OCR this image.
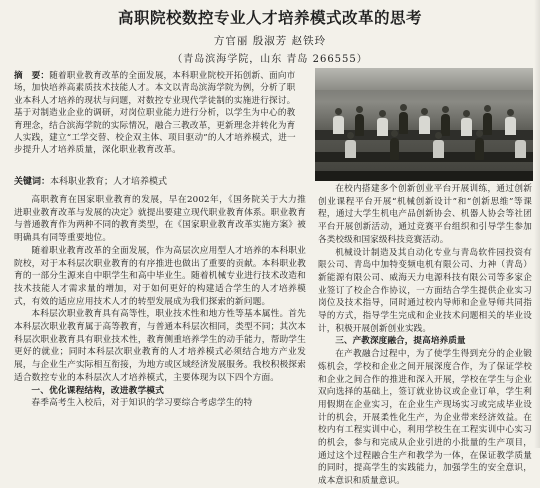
高职院校数控专业人才培养模式改革的思考
方官丽 殷淑芳 赵铁玲
（青岛滨海学院，山东 青岛 266555）
摘　要：随着职业教育改革的全面发展，本科职业院校开拓创新、面向市场，加快培养高素质技术技能人才。本文以青岛滨海学院为例，分析了职业本科人才培养的现状与问题，对数控专业现代学徒制的实施进行探讨。基于对制造业企业的调研，对岗位职业能力进行分析，以学生为中心的教育理念，结合滨海学院的实际情况，融合三教改革，更新理念并转化为育人实践，建立“工学交替、校企双主体、项目驱动”的人才培养模式，进一步提升人才培养质量，深化职业教育改革。
关键词：本科职业教育；人才培养模式

高职教育在国家职业教育的发展，早在2002年，《国务院关于大力推进职业教育改革与发展的决定》就提出要建立现代职业教育体系。职业教育与普通教育作为两种不同的教育类型，在《国家职业教育改革实施方案》被明确具有同等重要地位。

随着职业教育改革的全面发展，作为高层次应用型人才培养的本科职业院校，对于本科层次职业教育的有序推进也做出了重要的贡献。本科职业教育的一部分生源来自中职学生和高中毕业生。随着机械专业进行技术改造和技术技能人才需求量的增加，对于如何更好的构建适合学生的人才培养模式，有效的适应应用技术人才的转型发展成为我们探索的新问题。

本科层次职业教育具有高等性，职业技术性和地方性等基本属性。首先本科层次职业教育属于高等教育，与普通本科层次相同，类型不同；其次本科层次职业教育具有职业技术性，教育侧重培养学生的动手能力，帮助学生更好的就业；同时本科层次职业教育的人才培养模式必须结合地方产业发展，与企业生产实际相互衔接，为地方或区域经济发展服务。我校积极探索适合数控专业的本科层次人才培养模式，主要体现为以下四个方面。

一、优化课程结构，改进教学模式

春季高考生入校后，对于知识的学习要综合考虑学生的特

在校内搭建多个创新创业平台开展训练，通过创新创业课程平台开展“机械创新设计”和“创新思维”等课程，通过大学生机电产品创新协会、机器人协会等社团平台开展创新活动，通过竞赛平台组织和引导学生参加各类校级和国家级科技竞赛活动。

机械设计制造及其自动化专业与青岛软件园投资有限公司、青岛中加特变频电机有限公司、力神（青岛）新能源有限公司、威海天力电源科技有限公司等多家企业签订了校企合作协议，一方面结合学生提供企业实习岗位及技术指导，同时通过校内导师和企业导师共同指导的方式，指导学生完成和企业技术问题相关的毕业设计，积极开展创新创业实践。

三、产教深度融合，提高培养质量

在产教融合过程中，为了使学生得到充分的企业锻炼机会，学校和企业之间开展深度合作，为了保证学校和企业之间合作的推进和深入开展，学校在学生与企业双向选择的基础上，签订就业协议或企业订单，学生利用假期在企业实习，在企业生产现场实习或完成毕业设计的机会，开展柔性化生产，为企业带来经济效益。在校内有工程实训中心，利用学校生在工程实训中心实习的机会，参与和完成从企业引进的小批量的生产项目，通过这个过程融合生产和教学为一体，在保证教学质量的同时，提高学生的实践能力，加强学生的安全意识，成本意识和质量意识。
